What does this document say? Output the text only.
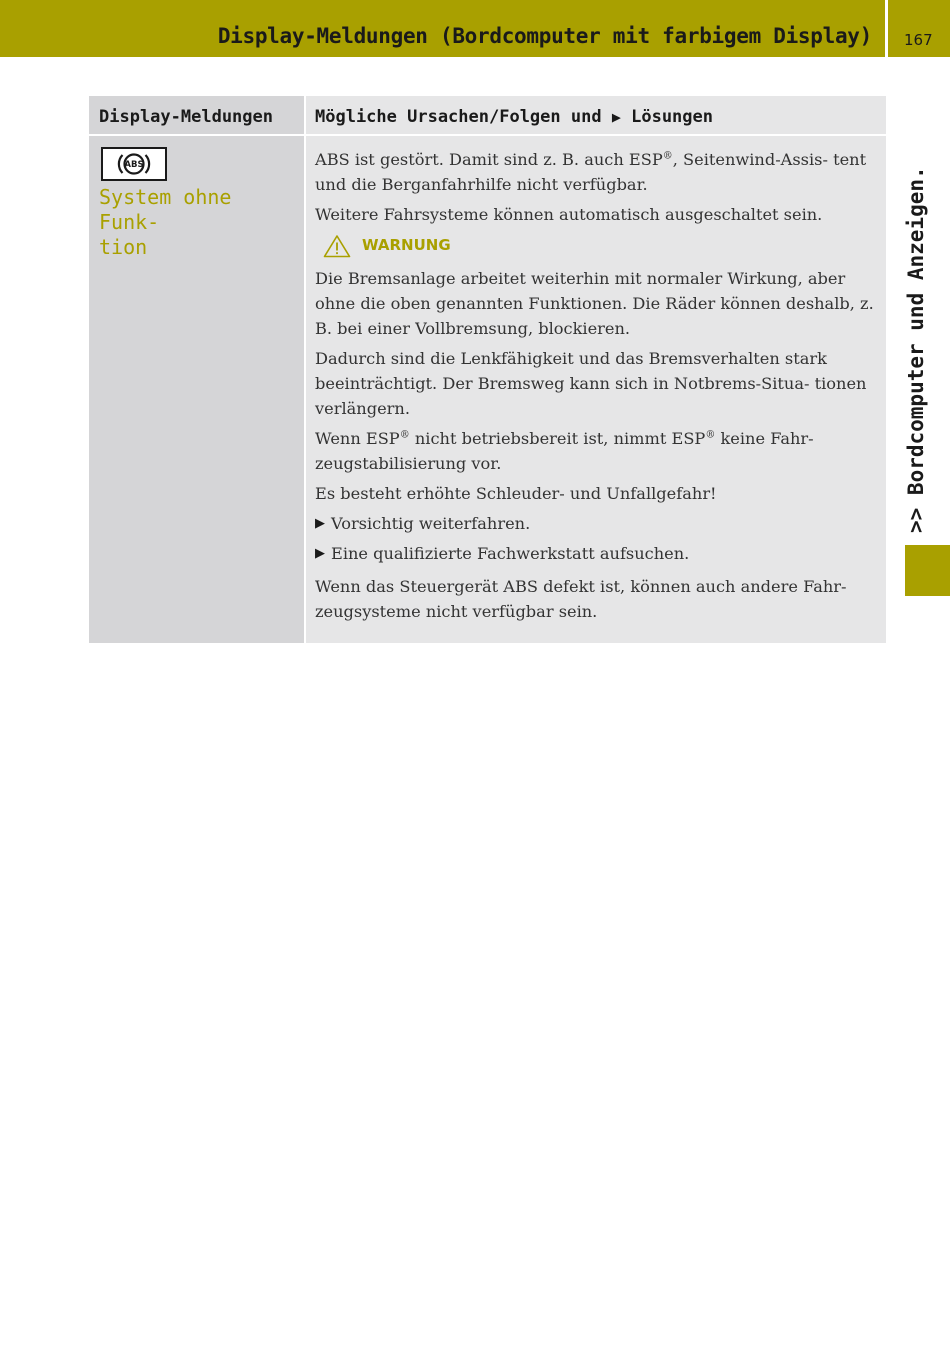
Display-Meldungen (Bordcomputer mit farbigem Display) 167
>> Bordcomputer und Anzeigen.
Display-Meldungen	Mögliche Ursachen/Folgen und ▶ Lösungen
ABS
System ohne Funk-
tion

ABS ist gestört. Damit sind z. B. auch ESP®, Seitenwind-Assis- tent und die Berganfahrhilfe nicht verfügbar.

Weitere Fahrsysteme können automatisch ausgeschaltet sein.

WARNUNG

Die Bremsanlage arbeitet weiterhin mit normaler Wirkung, aber ohne die oben genannten Funktionen. Die Räder können deshalb, z. B. bei einer Vollbremsung, blockieren.

Dadurch sind die Lenkfähigkeit und das Bremsverhalten stark beeinträchtigt. Der Bremsweg kann sich in Notbrems-Situa- tionen verlängern.

Wenn ESP® nicht betriebsbereit ist, nimmt ESP® keine Fahr- zeugstabilisierung vor.

Es besteht erhöhte Schleuder- und Unfallgefahr!

▶ Vorsichtig weiterfahren.
▶ Eine qualifizierte Fachwerkstatt aufsuchen.

Wenn das Steuergerät ABS defekt ist, können auch andere Fahr- zeugsysteme nicht verfügbar sein.
